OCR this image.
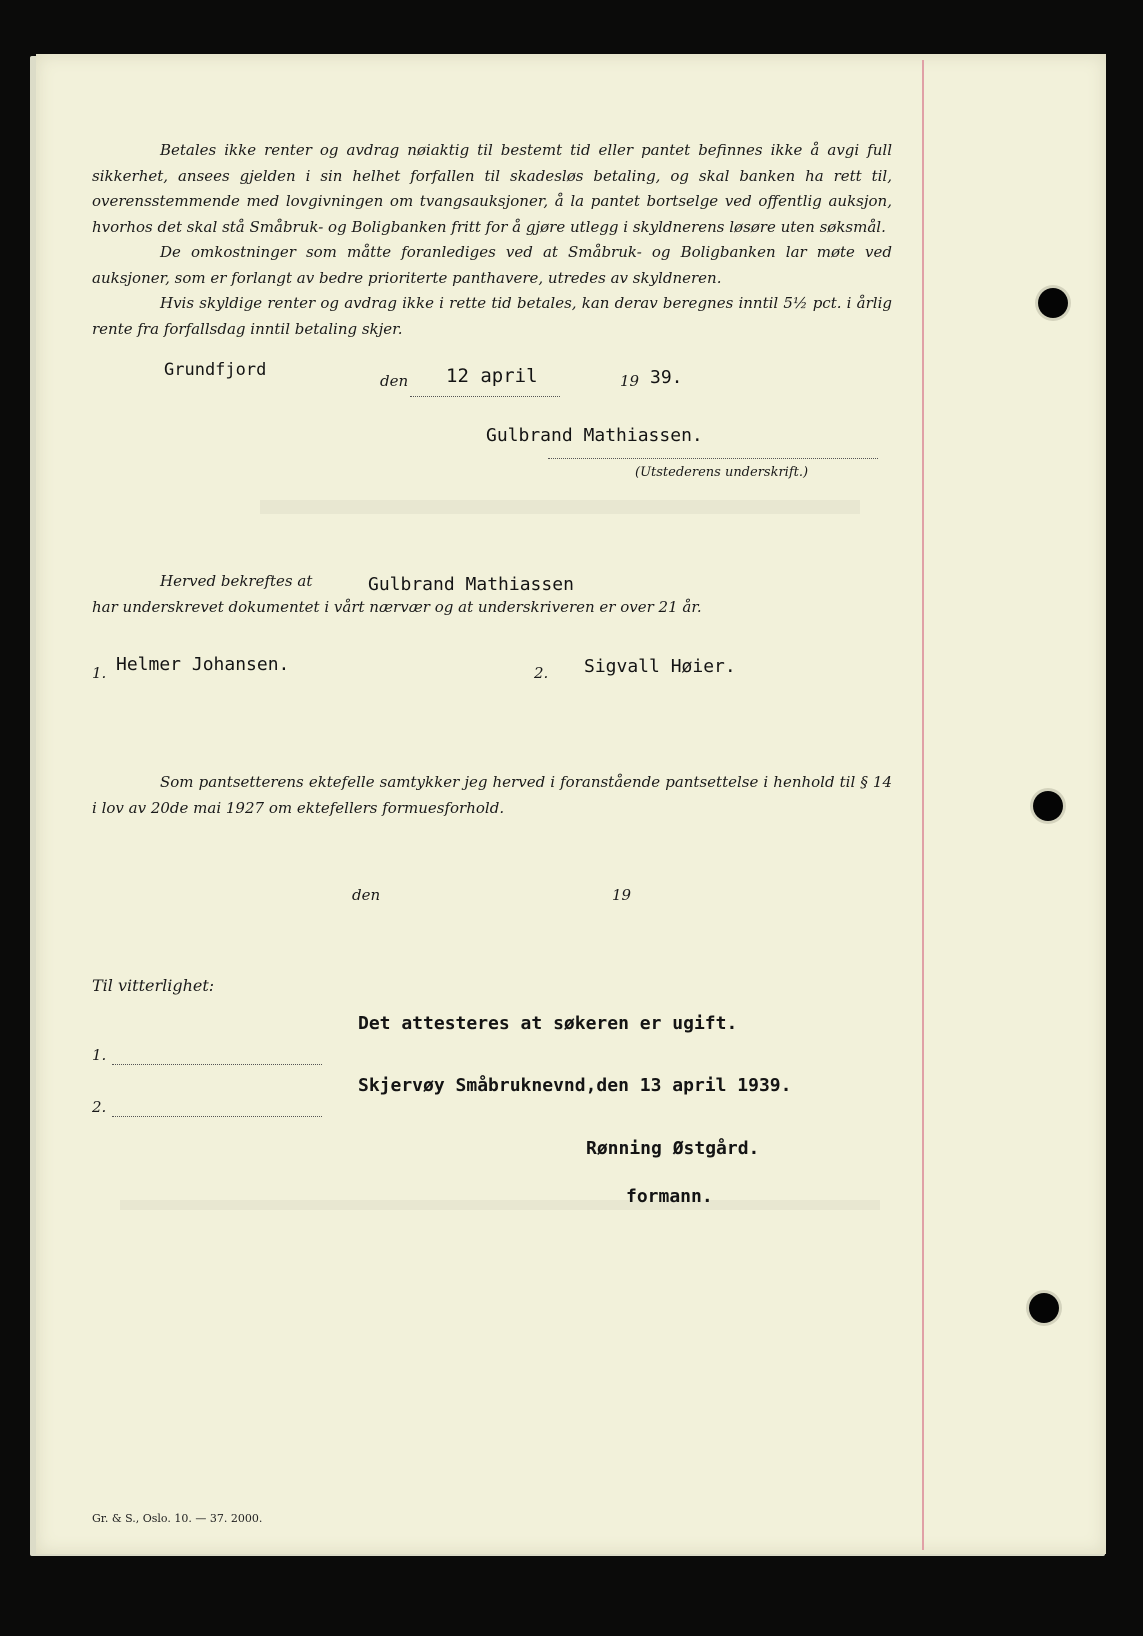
Betales ikke renter og avdrag nøiaktig til bestemt tid eller pantet befinnes ikke å avgi full sikkerhet, ansees gjelden i sin helhet forfallen til skadesløs betaling, og skal banken ha rett til, overensstemmende med lovgivningen om tvangsauksjoner, å la pantet bortselge ved offentlig auksjon, hvorhos det skal stå Småbruk- og Boligbanken fritt for å gjøre utlegg i skyldnerens løsøre uten søksmål.

De omkostninger som måtte foranlediges ved at Småbruk- og Boligbanken lar møte ved auksjoner, som er forlangt av bedre prioriterte panthavere, utredes av skyldneren.

Hvis skyldige renter og avdrag ikke i rette tid betales, kan derav beregnes inntil 5½ pct. i årlig rente fra forfallsdag inntil betaling skjer.

Grundfjord
den 12 april	19 39.
Gulbrand Mathiassen.
(Utstederens underskrift.)
Herved bekreftes at	Gulbrand Mathiassen
har underskrevet dokumentet i vårt nærvær og at underskriveren er over 21 år.
1. Helmer Johansen.	2. Sigvall Høier.

Som pantsetterens ektefelle samtykker jeg herved i foranstående pantsettelse i henhold til § 14 i lov av 20de mai 1927 om ektefellers formuesforhold.

den	19
Til vitterlighet:
1.
2.
Det attesteres at søkeren er ugift.
Skjervøy Småbruknevnd,den 13 april 1939.
Rønning Østgård.
formann.
Gr. & S., Oslo. 10. — 37. 2000.
